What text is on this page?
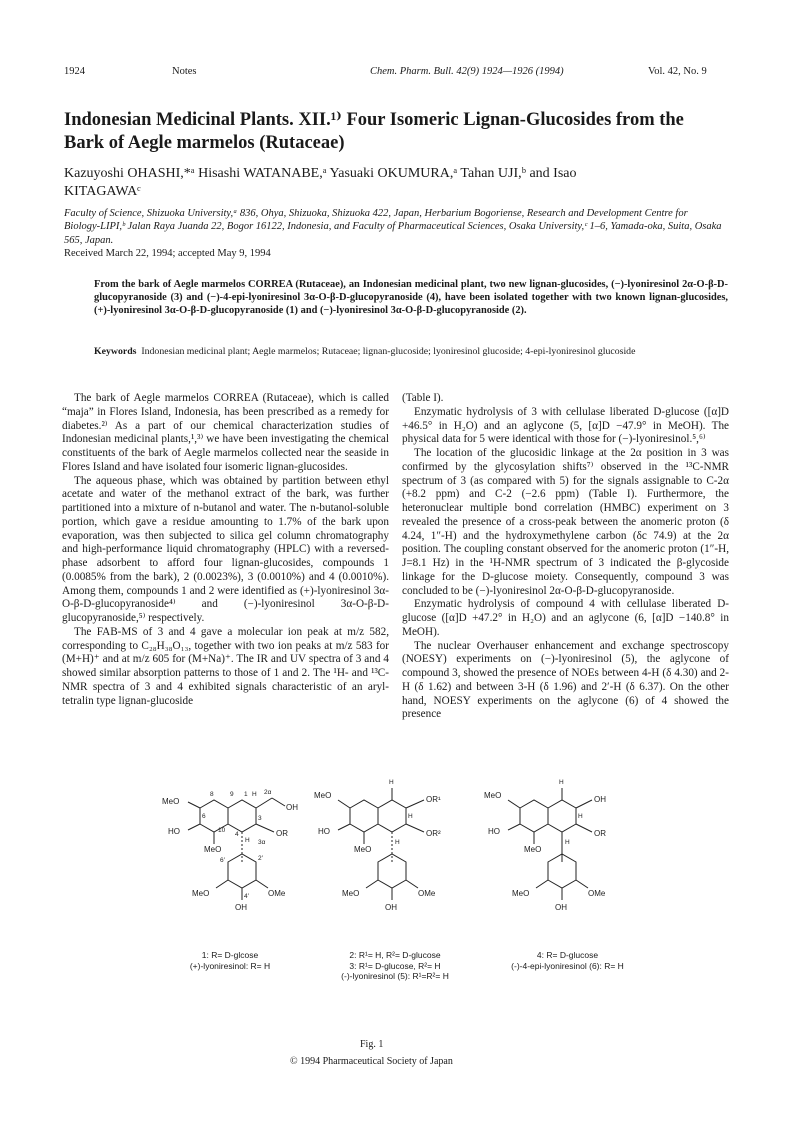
1924	Notes	Chem. Pharm. Bull. 42(9) 1924—1926 (1994)	Vol. 42, No. 9
Indonesian Medicinal Plants. XII.¹⁾ Four Isomeric Lignan-Glucosides from the Bark of Aegle marmelos (Rutaceae)

Kazuyoshi OHASHI,*ᵃ Hisashi WATANABE,ᵃ Yasuaki OKUMURA,ᵃ Tahan UJI,ᵇ and Isao KITAGAWAᶜ

Faculty of Science, Shizuoka University,ᵃ 836, Ohya, Shizuoka, Shizuoka 422, Japan, Herbarium Bogoriense, Research and Development Centre for Biology-LIPI,ᵇ Jalan Raya Juanda 22, Bogor 16122, Indonesia, and Faculty of Pharmaceutical Sciences, Osaka University,ᶜ 1–6, Yamada-oka, Suita, Osaka 565, Japan.

Received March 22, 1994; accepted May 9, 1994

From the bark of Aegle marmelos CORREA (Rutaceae), an Indonesian medicinal plant, two new lignan-glucosides, (−)-lyoniresinol 2α-O-β-D-glucopyranoside (3) and (−)-4-epi-lyoniresinol 3α-O-β-D-glucopyranoside (4), have been isolated together with two known lignan-glucosides, (+)-lyoniresinol 3α-O-β-D-glucopyranoside (1) and (−)-lyoniresinol 3α-O-β-D-glucopyranoside (2).

Keywords Indonesian medicinal plant; Aegle marmelos; Rutaceae; lignan-glucoside; lyoniresinol glucoside; 4-epi-lyoniresinol glucoside

The bark of Aegle marmelos CORREA (Rutaceae), which is called “maja” in Flores Island, Indonesia, has been prescribed as a remedy for diabetes.²⁾ As a part of our chemical characterization studies of Indonesian medicinal plants,¹,³⁾ we have been investigating the chemical constituents of the bark of Aegle marmelos collected near the seaside in Flores Island and have isolated four isomeric lignan-glucosides.

The aqueous phase, which was obtained by partition between ethyl acetate and water of the methanol extract of the bark, was further partitioned into a mixture of n-butanol and water. The n-butanol-soluble portion, which gave a residue amounting to 1.7% of the bark upon evaporation, was then subjected to silica gel column chromatography and high-performance liquid chromatography (HPLC) with a reversed-phase adsorbent to afford four lignan-glucosides, compounds 1 (0.0085% from the bark), 2 (0.0023%), 3 (0.0010%) and 4 (0.0010%). Among them, compounds 1 and 2 were identified as (+)-lyoniresinol 3α-O-β-D-glucopyranoside⁴⁾ and (−)-lyoniresinol 3α-O-β-D-glucopyranoside,⁵⁾ respectively.

The FAB-MS of 3 and 4 gave a molecular ion peak at m/z 582, corresponding to C₂₈H₃₈O₁₃, together with two ion peaks at m/z 583 for (M+H)⁺ and at m/z 605 for (M+Na)⁺. The IR and UV spectra of 3 and 4 showed similar absorption patterns to those of 1 and 2. The ¹H- and ¹³C-NMR spectra of 3 and 4 exhibited signals characteristic of an aryl-tetralin type lignan-glucoside

(Table I).

Enzymatic hydrolysis of 3 with cellulase liberated D-glucose ([α]D +46.5° in H₂O) and an aglycone (5, [α]D −47.9° in MeOH). The physical data for 5 were identical with those for (−)-lyoniresinol.⁵,⁶⁾

The location of the glucosidic linkage at the 2α position in 3 was confirmed by the glycosylation shifts⁷⁾ observed in the ¹³C-NMR spectrum of 3 (as compared with 5) for the signals assignable to C-2α (+8.2 ppm) and C-2 (−2.6 ppm) (Table I). Furthermore, the heteronuclear multiple bond correlation (HMBC) experiment on 3 revealed the presence of a cross-peak between the anomeric proton (δ 4.24, 1″-H) and the hydroxymethylene carbon (δc 74.9) at the 2α position. The coupling constant observed for the anomeric proton (1″-H, J=8.1 Hz) in the ¹H-NMR spectrum of 3 indicated the β-glycoside linkage for the D-glucose moiety. Consequently, compound 3 was concluded to be (−)-lyoniresinol 2α-O-β-D-glucopyranoside.

Enzymatic hydrolysis of compound 4 with cellulase liberated D-glucose ([α]D +47.2° in H₂O) and an aglycone (6, [α]D −140.8° in MeOH).

The nuclear Overhauser enhancement and exchange spectroscopy (NOESY) experiments on (−)-lyoniresinol (5), the aglycone of compound 3, showed the presence of NOEs between 4-H (δ 4.30) and 2-H (δ 1.62) and between 3-H (δ 1.96) and 2′-H (δ 6.37). On the other hand, NOESY experiments on the aglycone (6) of 4 showed the presence

MeO
HO
MeO
OH
OR
8	9 1 H 2α
3
3α
6
10
4
H
6′	2′
4′
MeO	OMe
OH
MeO
HO
MeO
OR¹
OR²
H
H
H
MeO	OMe
OH
MeO
HO
MeO
OH
OR
H
H
H
MeO	OMe
OH
1: R= D-glcose
(+)-lyoniresinol: R= H
2: R¹= H, R²= D-glucose
3: R¹= D-glucose, R²= H
(-)-lyoniresinol (5): R¹=R²= H
4: R= D-glucose
(-)-4-epi-lyoniresinol (6): R= H
Fig. 1
© 1994 Pharmaceutical Society of Japan
